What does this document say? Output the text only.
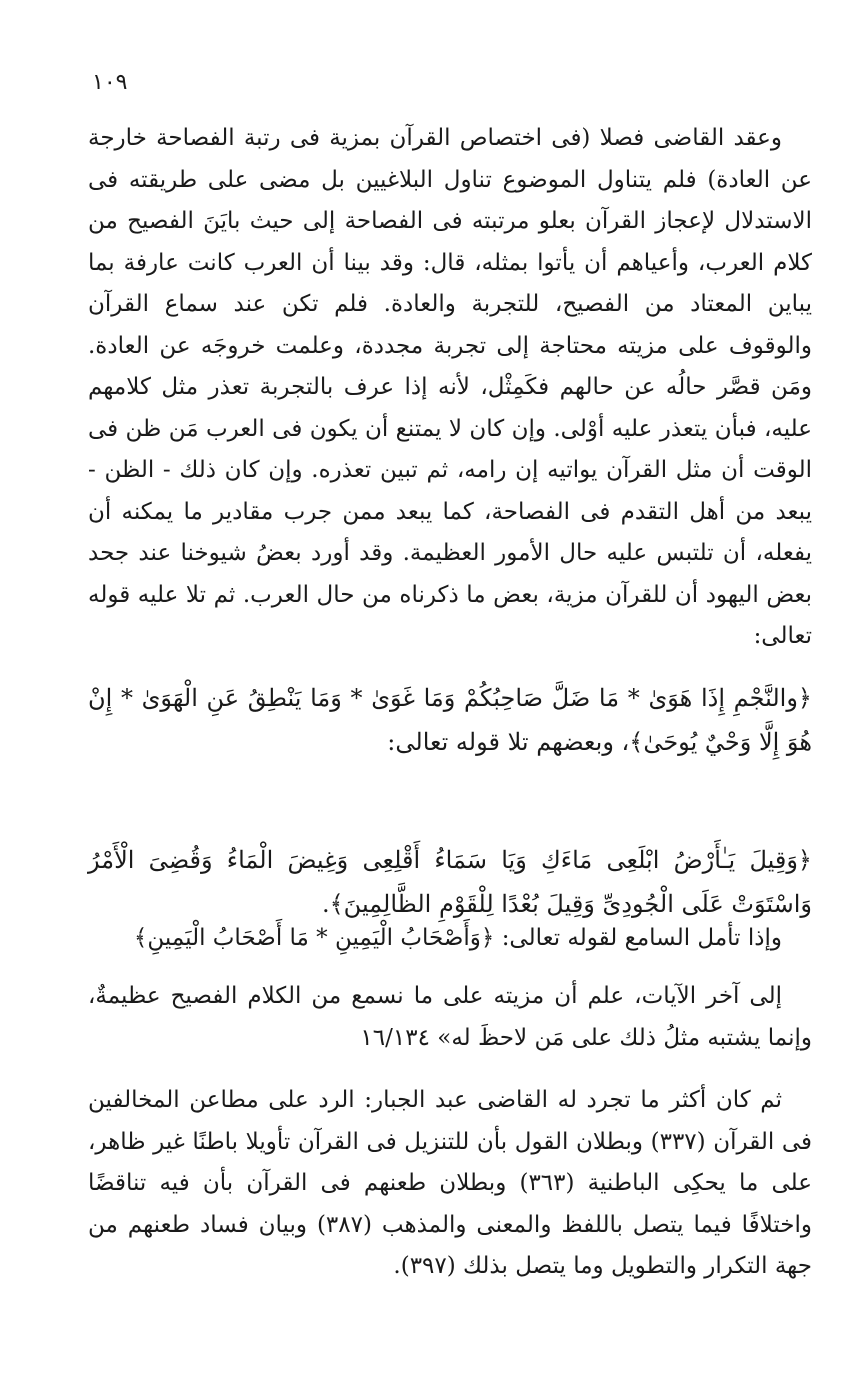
١٠٩

وعقد القاضى فصلا (فى اختصاص القرآن بمزية فى رتبة الفصاحة خارجة عن العادة) فلم يتناول الموضوع تناول البلاغيين بل مضى على طريقته فى الاستدلال لإعجاز القرآن بعلو مرتبته فى الفصاحة إلى حيث بايَنَ الفصيح من كلام العرب، وأعياهم أن يأتوا بمثله، قال: وقد بينا أن العرب كانت عارفة بما يباين المعتاد من الفصيح، للتجربة والعادة. فلم تكن عند سماع القرآن والوقوف على مزيته محتاجة إلى تجربة مجددة، وعلمت خروجَه عن العادة. ومَن قصَّر حالُه عن حالهم فكَمِثْل، لأنه إذا عرف بالتجربة تعذر مثل كلامهم عليه، فبأن يتعذر عليه أوْلى. وإن كان لا يمتنع أن يكون فى العرب مَن ظن فى الوقت أن مثل القرآن يواتيه إن رامه، ثم تبين تعذره. وإن كان ذلك - الظن - يبعد من أهل التقدم فى الفصاحة، كما يبعد ممن جرب مقادير ما يمكنه أن يفعله، أن تلتبس عليه حال الأمور العظيمة. وقد أورد بعضُ شيوخنا عند جحد بعض اليهود أن للقرآن مزية، بعض ما ذكرناه من حال العرب. ثم تلا عليه قوله تعالى:

﴿والنَّجْمِ إِذَا هَوَىٰ * مَا ضَلَّ صَاحِبُكُمْ وَمَا غَوَىٰ * وَمَا يَنْطِقُ عَنِ الْهَوَىٰ * إِنْ هُوَ إِلَّا وَحْيٌ يُوحَىٰ﴾، وبعضهم تلا قوله تعالى:

﴿وَقِيلَ يَـٰأَرْضُ ابْلَعِى مَاءَكِ وَيَا سَمَاءُ أَقْلِعِى وَغِيضَ الْمَاءُ وَقُضِىَ الْأَمْرُ وَاسْتَوَتْ عَلَى الْجُودِىِّ وَقِيلَ بُعْدًا لِلْقَوْمِ الظَّالِمِينَ﴾.

وإذا تأمل السامع لقوله تعالى: ﴿وَأَصْحَابُ الْيَمِينِ * مَا أَصْحَابُ الْيَمِينِ﴾

إلى آخر الآيات، علم أن مزيته على ما نسمع من الكلام الفصيح عظيمةٌ، وإنما يشتبه مثلُ ذلك على مَن لاحظَ له» ١٦/١٣٤

ثم كان أكثر ما تجرد له القاضى عبد الجبار: الرد على مطاعن المخالفين فى القرآن (٣٣٧) وبطلان القول بأن للتنزيل فى القرآن تأويلا باطنًا غير ظاهر، على ما يحكِى الباطنية (٣٦٣) وبطلان طعنهم فى القرآن بأن فيه تناقضًا واختلافًا فيما يتصل باللفظ والمعنى والمذهب (٣٨٧) وبيان فساد طعنهم من جهة التكرار والتطويل وما يتصل بذلك (٣٩٧).
